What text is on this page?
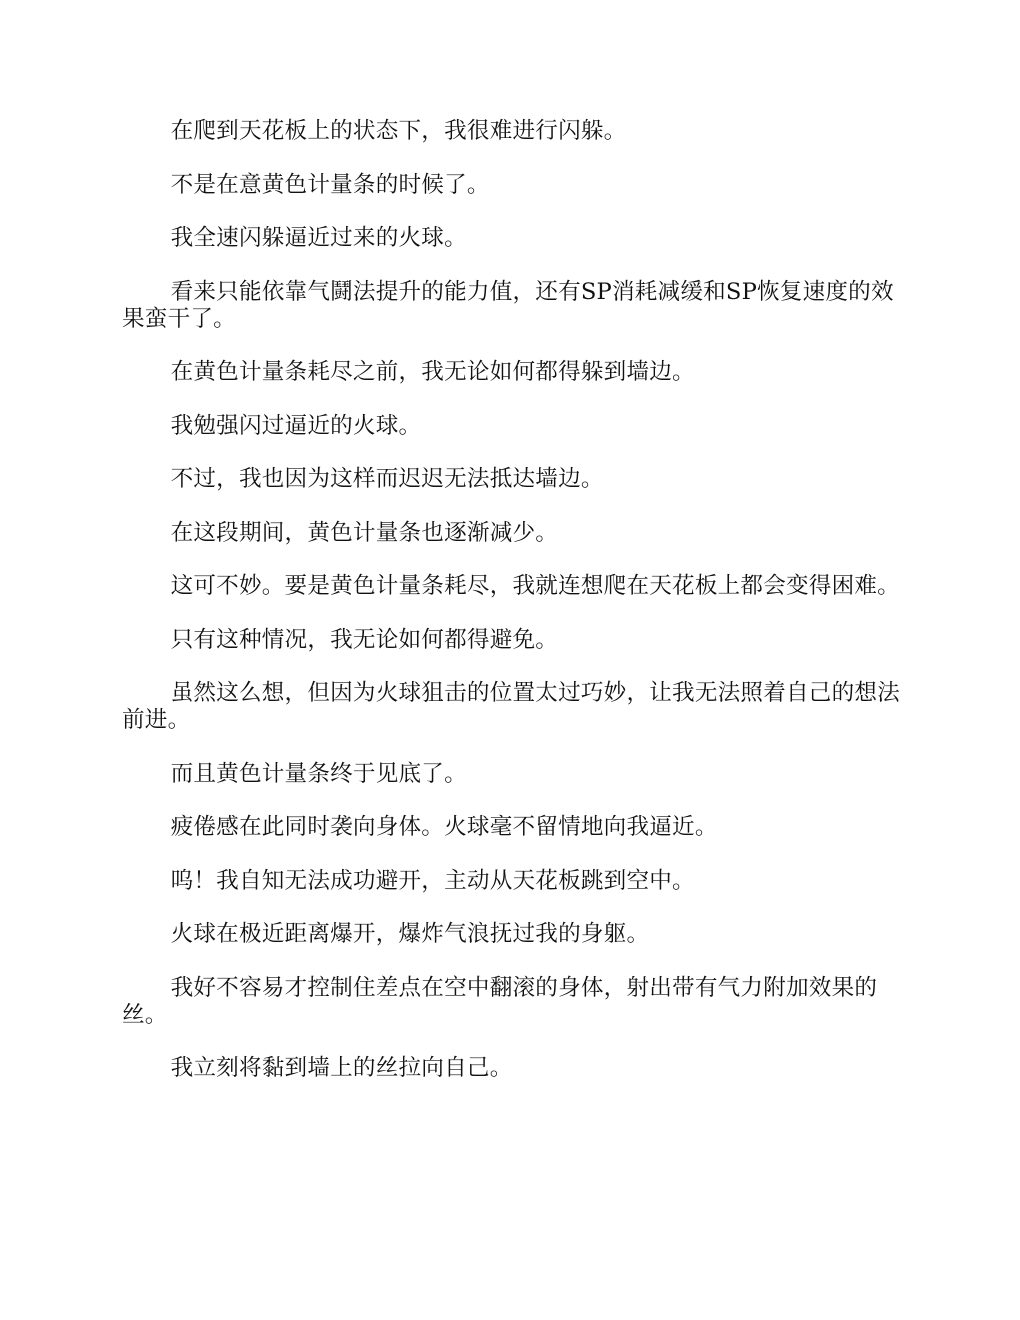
在爬到天花板上的状态下，我很难进行闪躲。

不是在意黄色计量条的时候了。

我全速闪躲逼近过来的火球。

看来只能依靠气鬪法提升的能力值，还有SP消耗减缓和SP恢复速度的效果蛮干了。

在黄色计量条耗尽之前，我无论如何都得躲到墙边。

我勉强闪过逼近的火球。

不过，我也因为这样而迟迟无法抵达墙边。

在这段期间，黄色计量条也逐渐减少。

这可不妙。要是黄色计量条耗尽，我就连想爬在天花板上都会变得困难。

只有这种情况，我无论如何都得避免。

虽然这么想，但因为火球狙击的位置太过巧妙，让我无法照着自己的想法前进。

而且黄色计量条终于见底了。

疲倦感在此同时袭向身体。火球毫不留情地向我逼近。

呜！我自知无法成功避开，主动从天花板跳到空中。

火球在极近距离爆开，爆炸气浪抚过我的身躯。

我好不容易才控制住差点在空中翻滚的身体，射出带有气力附加效果的丝。

我立刻将黏到墙上的丝拉向自己。
